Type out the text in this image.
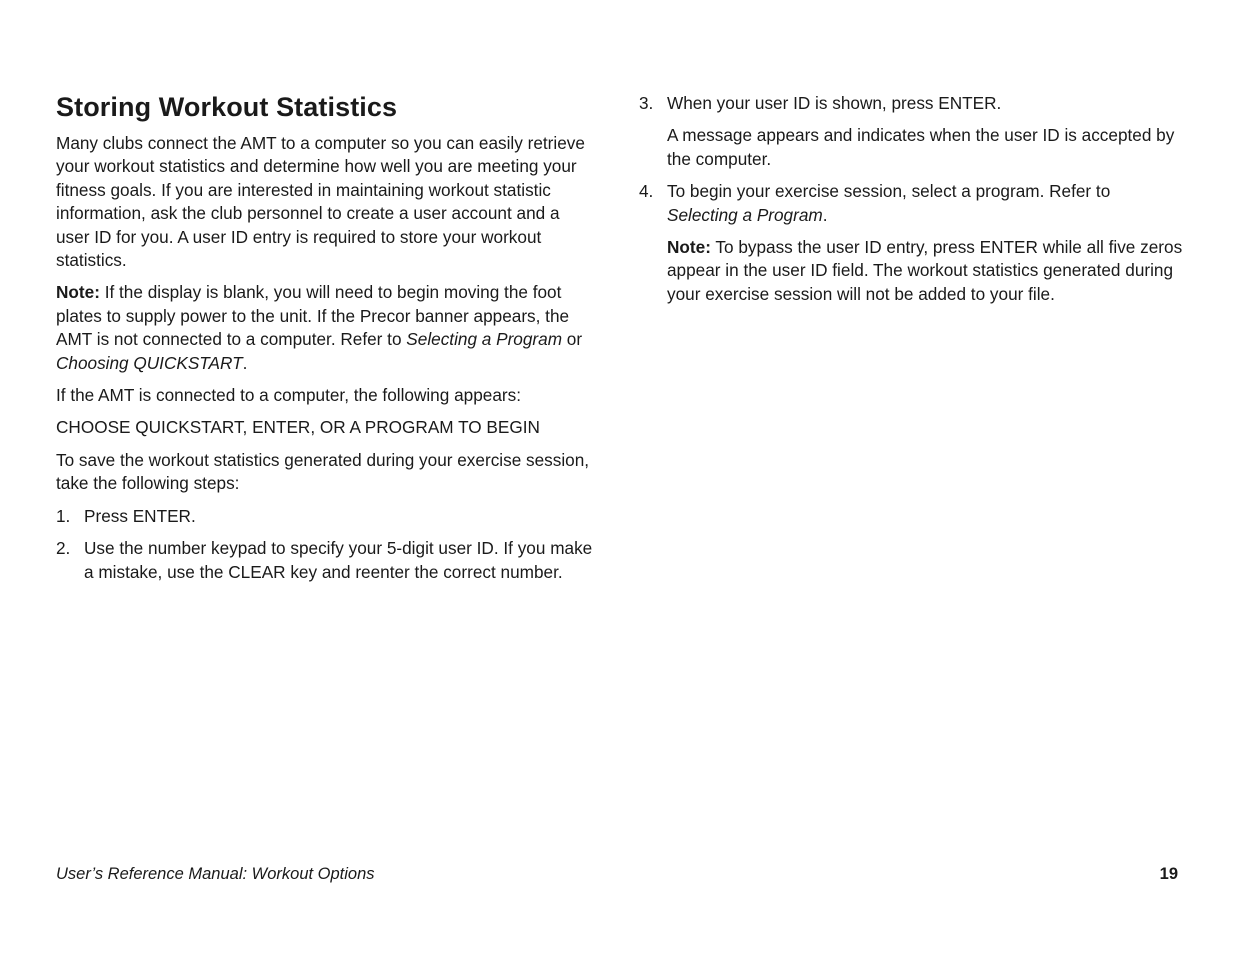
Storing Workout Statistics

Many clubs connect the AMT to a computer so you can easily retrieve your workout statistics and determine how well you are meeting your fitness goals. If you are interested in maintaining workout statistic information, ask the club personnel to create a user account and a user ID for you. A user ID entry is required to store your workout statistics.

Note: If the display is blank, you will need to begin moving the foot plates to supply power to the unit. If the Precor banner appears, the AMT is not connected to a computer. Refer to Selecting a Program or Choosing QUICKSTART.

If the AMT is connected to a computer, the following appears:

CHOOSE QUICKSTART, ENTER, OR A PROGRAM TO BEGIN

To save the workout statistics generated during your exercise session, take the following steps:

1. Press ENTER.
2. Use the number keypad to specify your 5-digit user ID. If you make a mistake, use the CLEAR key and reenter the correct number.
3. When your user ID is shown, press ENTER.

A message appears and indicates when the user ID is accepted by the computer.

4. To begin your exercise session, select a program. Refer to
Selecting a Program.

Note: To bypass the user ID entry, press ENTER while all five zeros appear in the user ID field. The workout statistics generated during your exercise session will not be added to your file.

User’s Reference Manual: Workout Options	19
